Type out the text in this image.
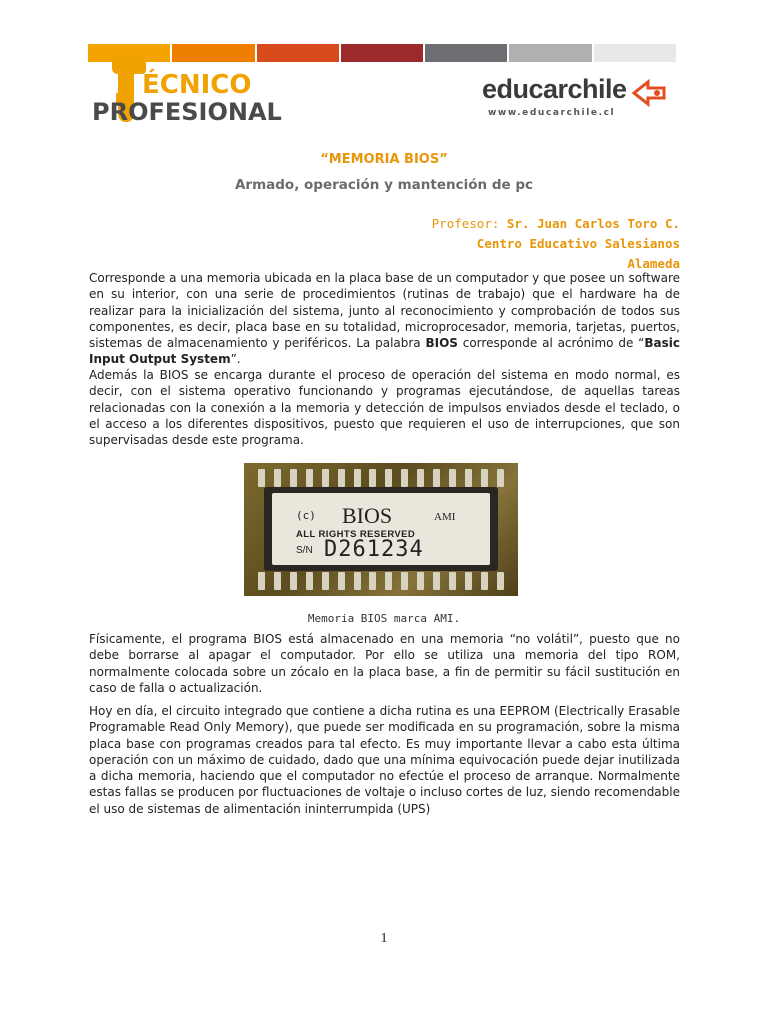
ÉCNICO
PROFESIONAL
educarchile
www.educarchile.cl
“MEMORIA BIOS”
Armado, operación y mantención de pc
Profesor: Sr. Juan Carlos Toro C.
Centro Educativo Salesianos
Alameda

Corresponde a una memoria ubicada en la placa base de un computador y que posee un software en su interior, con una serie de procedimientos (rutinas de trabajo) que el hardware ha de realizar para la inicialización del sistema, junto al reconocimiento y comprobación de todos sus componentes, es decir, placa base en su totalidad, microprocesador, memoria, tarjetas, puertos, sistemas de almacenamiento y periféricos. La palabra BIOS corresponde al acrónimo de “Basic Input Output System”.

Además la BIOS se encarga durante el proceso de operación del sistema en modo normal, es decir, con el sistema operativo funcionando y programas ejecutándose, de aquellas tareas relacionadas con la conexión a la memoria y detección de impulsos enviados desde el teclado, o el acceso a los diferentes dispositivos, puesto que requieren el uso de interrupciones, que son supervisadas desde este programa.

(c) BIOS	AMI
ALL RIGHTS RESERVED
S/N D261234
Memoria BIOS marca AMI.

Físicamente, el programa BIOS está almacenado en una memoria “no volátil”, puesto que no debe borrarse al apagar el computador. Por ello se utiliza una memoria del tipo ROM, normalmente colocada sobre un zócalo en la placa base, a fin de permitir su fácil sustitución en caso de falla o actualización.

Hoy en día, el circuito integrado que contiene a dicha rutina es una EEPROM (Electrically Erasable Programable Read Only Memory), que puede ser modificada en su programación, sobre la misma placa base con programas creados para tal efecto. Es muy importante llevar a cabo esta última operación con un máximo de cuidado, dado que una mínima equivocación puede dejar inutilizada a dicha memoria, haciendo que el computador no efectúe el proceso de arranque. Normalmente estas fallas se producen por fluctuaciones de voltaje o incluso cortes de luz, siendo recomendable el uso de sistemas de alimentación ininterrumpida (UPS)

1
